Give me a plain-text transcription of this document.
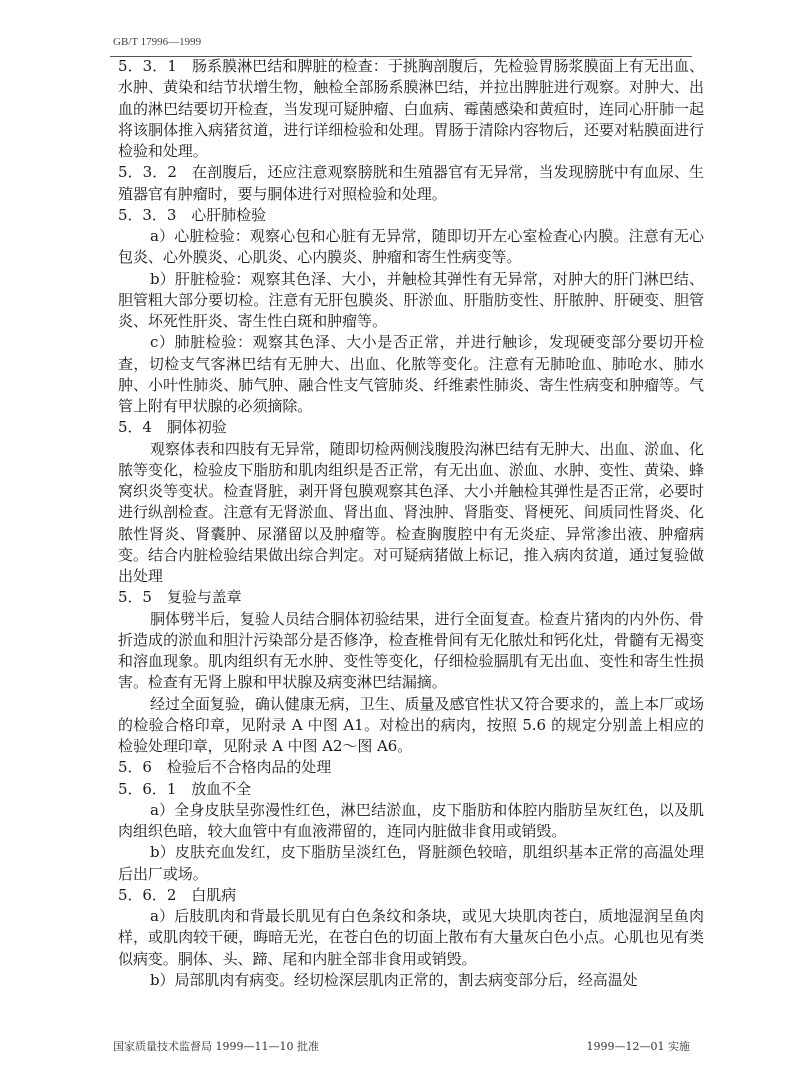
GB/T 17996—1999

5．3．1　肠系膜淋巴结和脾脏的检查：于挑胸剖腹后，先检验胃肠浆膜面上有无出血、水肿、黄染和结节状增生物，触检全部肠系膜淋巴结，并拉出脾脏进行观察。对肿大、出血的淋巴结要切开检查，当发现可疑肿瘤、白血病、霉菌感染和黄疸时，连同心肝肺一起将该胴体推入病猪贫道，进行详细检验和处理。胃肠于清除内容物后，还要对粘膜面进行检验和处理。

5．3．2　在剖腹后，还应注意观察膀胱和生殖器官有无异常，当发现膀胱中有血尿、生殖器官有肿瘤时，要与胴体进行对照检验和处理。

5．3．3　心肝肺检验

a）心脏检验：观察心包和心脏有无异常，随即切开左心室检查心内膜。注意有无心包炎、心外膜炎、心肌炎、心内膜炎、肿瘤和寄生性病变等。

b）肝脏检验：观察其色泽、大小，并触检其弹性有无异常，对肿大的肝门淋巴结、胆管粗大部分要切检。注意有无肝包膜炎、肝淤血、肝脂肪变性、肝脓肿、肝硬变、胆管炎、坏死性肝炎、寄生性白斑和肿瘤等。

c）肺脏检验：观察其色泽、大小是否正常，并进行触诊，发现硬变部分要切开检查，切检支气客淋巴结有无肿大、出血、化脓等变化。注意有无肺呛血、肺呛水、肺水肿、小叶性肺炎、肺气肿、融合性支气管肺炎、纤维素性肺炎、寄生性病变和肿瘤等。气管上附有甲状腺的必须摘除。

5．4　胴体初验

观察体表和四肢有无异常，随即切检两侧浅腹股沟淋巴结有无肿大、出血、淤血、化脓等变化，检验皮下脂肪和肌肉组织是否正常，有无出血、淤血、水肿、变性、黄染、蜂窝织炎等变状。检查肾脏，剥开肾包膜观察其色泽、大小并触检其弹性是否正常，必要时进行纵剖检查。注意有无肾淤血、肾出血、肾浊肿、肾脂变、肾梗死、间质同性肾炎、化脓性肾炎、肾囊肿、尿潴留以及肿瘤等。检查胸腹腔中有无炎症、异常渗出液、肿瘤病变。结合内脏检验结果做出综合判定。对可疑病猪做上标记，推入病肉贫道，通过复验做出处理

5．5　复验与盖章

胴体劈半后，复验人员结合胴体初验结果，进行全面复查。检查片猪肉的内外伤、骨折造成的淤血和胆汁污染部分是否修净，检查椎骨间有无化脓灶和钙化灶，骨髓有无褐变和溶血现象。肌肉组织有无水肿、变性等变化，仔细检验膈肌有无出血、变性和寄生性损害。检查有无肾上腺和甲状腺及病变淋巴结漏摘。

经过全面复验，确认健康无病，卫生、质量及感官性状又符合要求的，盖上本厂或场的检验合格印章，见附录 A 中图 A1。对检出的病肉，按照 5.6 的规定分别盖上相应的检验处理印章，见附录 A 中图 A2～图 A6。

5．6　检验后不合格肉品的处理

5．6．1　放血不全

a）全身皮肤呈弥漫性红色，淋巴结淤血，皮下脂肪和体腔内脂肪呈灰红色，以及肌肉组织色暗，较大血管中有血液滞留的，连同内脏做非食用或销毁。

b）皮肤充血发红，皮下脂肪呈淡红色，肾脏颜色较暗，肌组织基本正常的高温处理后出厂或场。

5．6．2　白肌病

a）后肢肌肉和背最长肌见有白色条纹和条块，或见大块肌肉苍白，质地湿润呈鱼肉样，或肌肉较干硬，晦暗无光，在苍白色的切面上散布有大量灰白色小点。心肌也见有类似病变。胴体、头、蹄、尾和内脏全部非食用或销毁。

b）局部肌肉有病变。经切检深层肌肉正常的，割去病变部分后，经高温处

国家质量技术监督局 1999—11—10 批准	1999—12—01 实施
